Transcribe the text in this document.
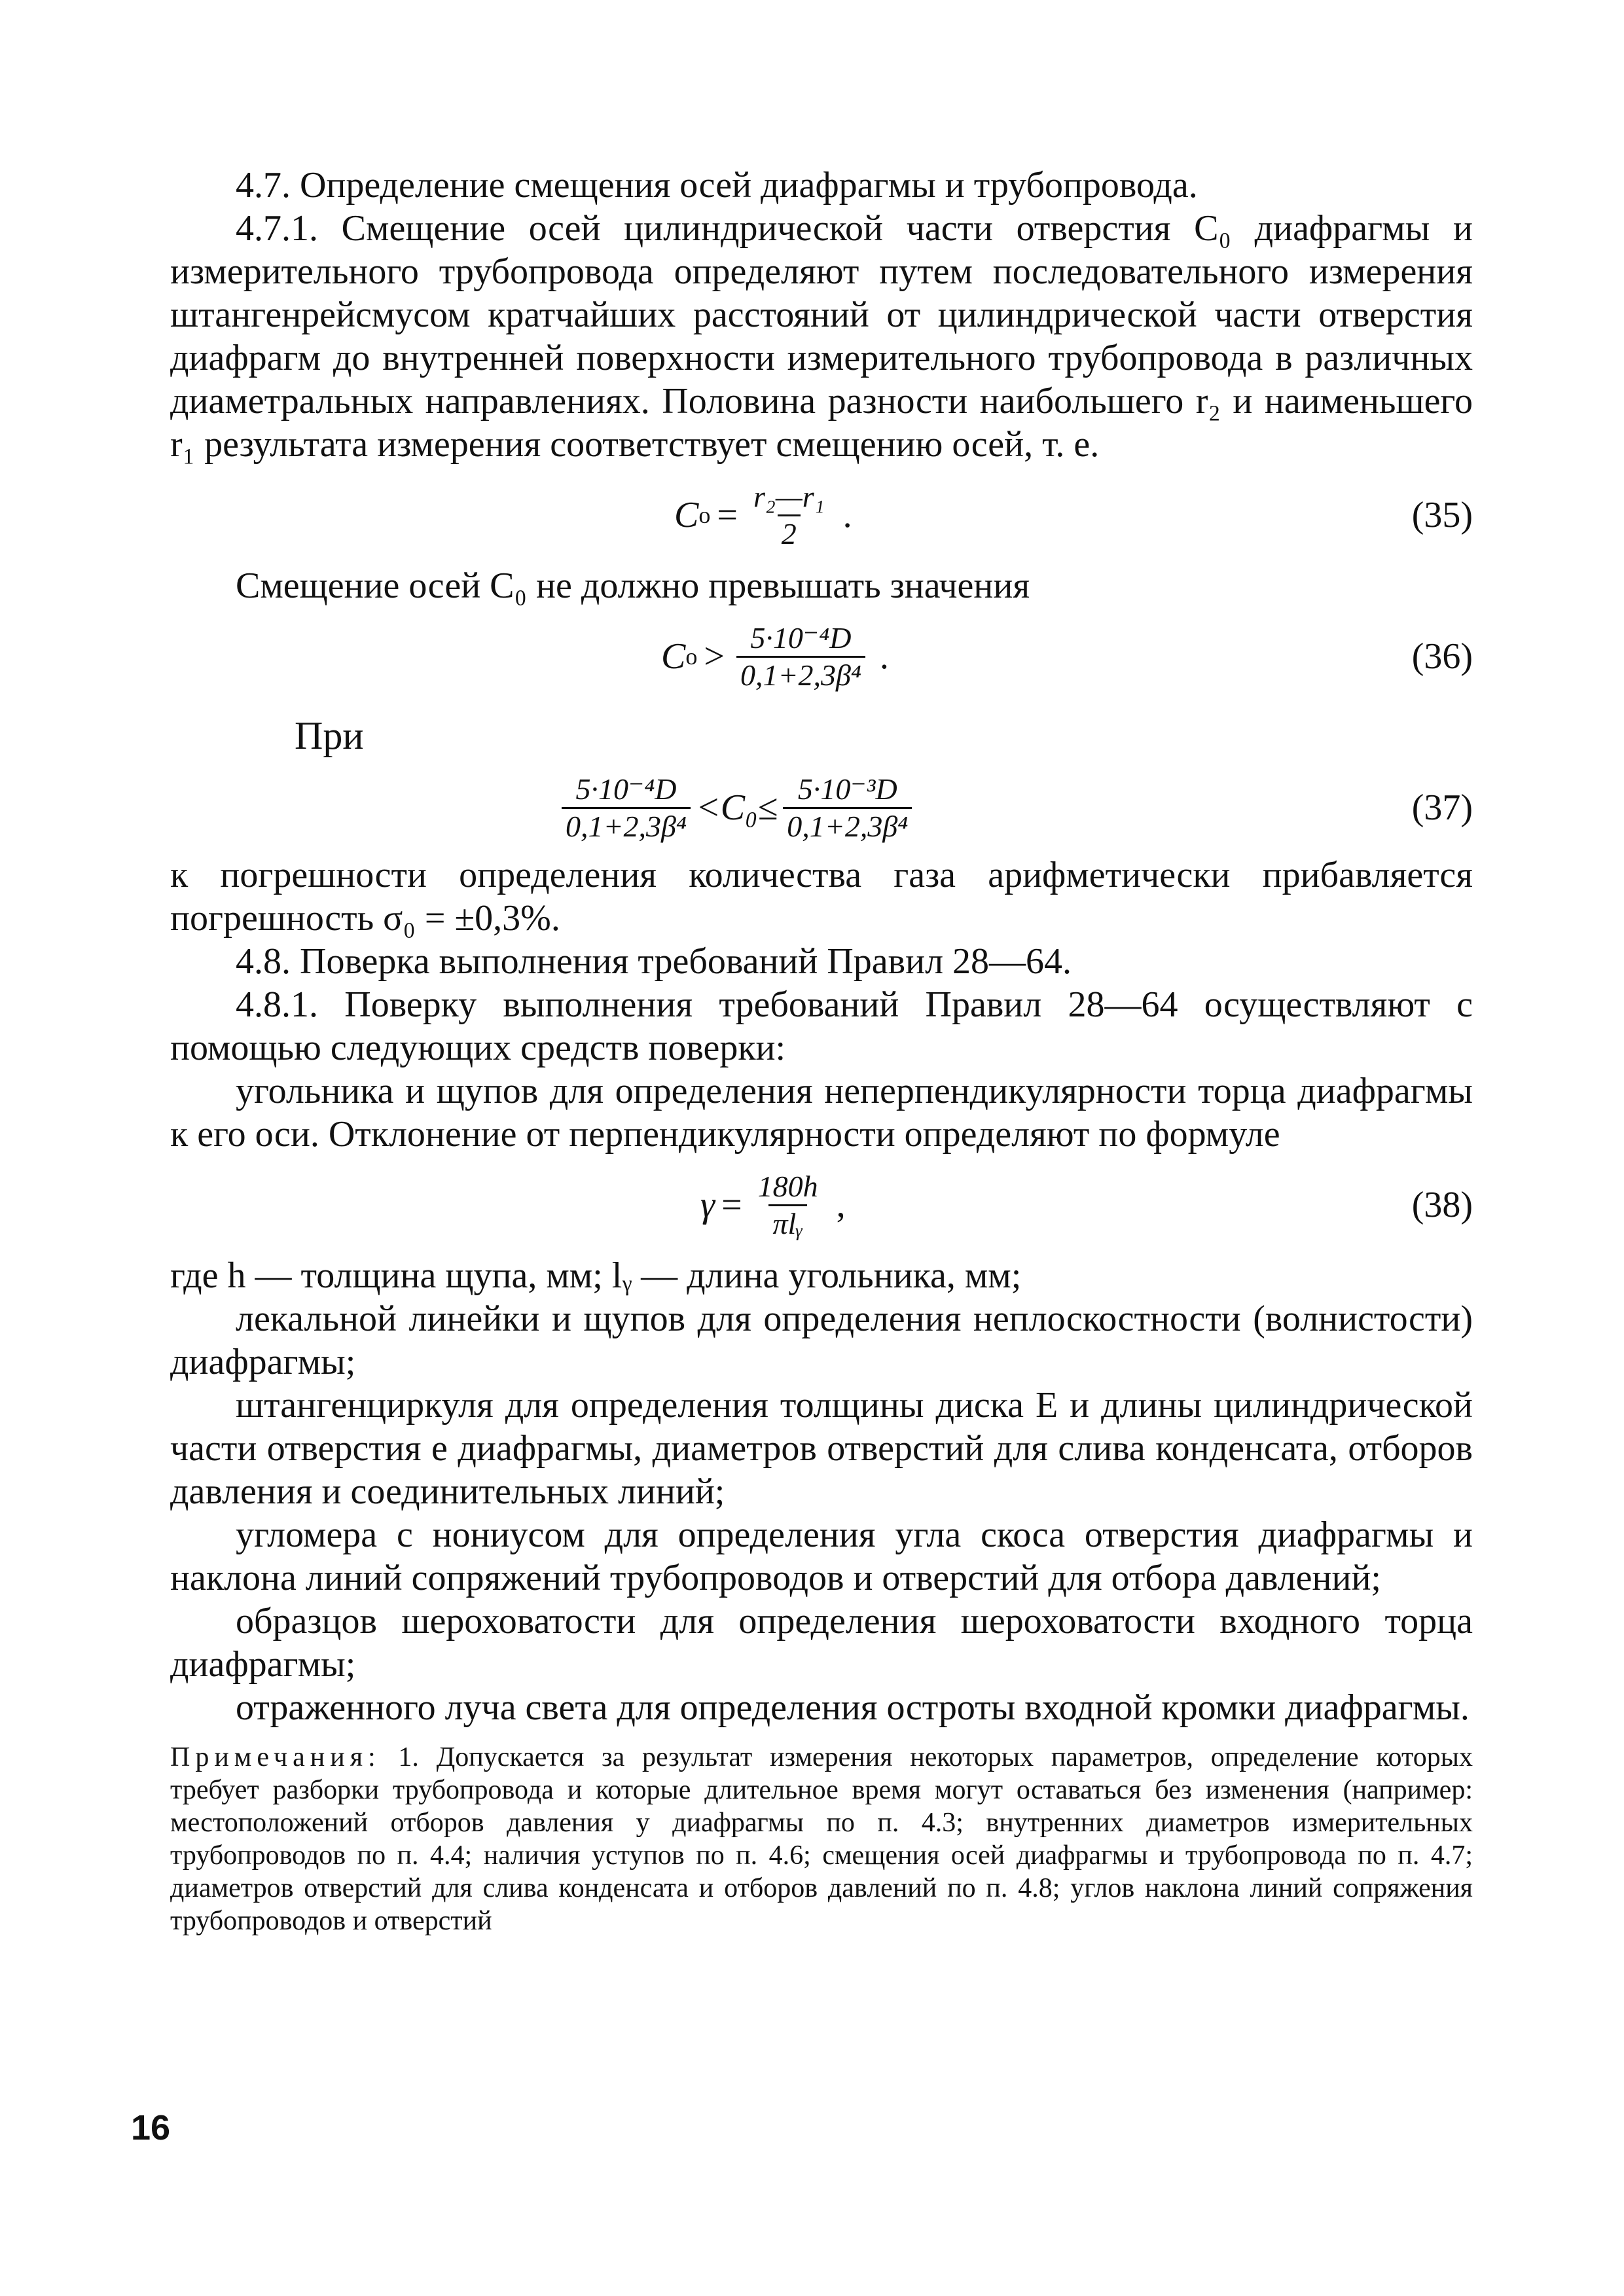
4.7. Определение смещения осей диафрагмы и трубопровода.

4.7.1. Смещение осей цилиндрической части отверстия C₀ диафрагмы и измерительного трубопровода определяют путем последовательного измерения штангенрейсмусом кратчайших расстояний от цилиндрической части отверстия диафрагм до внутренней поверхности измерительного трубопровода в различных диаметральных направлениях. Половина разности наибольшего r₂ и наименьшего r₁ результата измерения соответствует смещению осей, т. е.

C $o = \frac{\text{r₂—r₁}}{2}$ .	(35)

Смещение осей C₀ не должно превышать значения

C $o > \frac{\text{5·10⁻⁴D}}{\text{0,1+2,3β⁴}}$ .	(36)

При

$\frac{\text{5·10⁻⁴D}}{\text{0,1+2,3β⁴}} <C_0\le \frac{\text{5·10⁻³D}}{\text{0,1+2,3β⁴}}$	(37)

к погрешности определения количества газа арифметически прибавляется погрешность σ₀ = ±0,3%.

4.8. Поверка выполнения требований Правил 28—64.

4.8.1. Поверку выполнения требований Правил 28—64 осуществляют с помощью следующих средств поверки:

угольника и щупов для определения неперпендикулярности торца диафрагмы к его оси. Отклонение от перпендикулярности определяют по формуле

$\gamma = \frac{180h}{\text{πlᵧ}}$ ,	(38)

где h — толщина щупа, мм; lᵧ — длина угольника, мм;

лекальной линейки и щупов для определения неплоскостности (волнистости) диафрагмы;

штангенциркуля для определения толщины диска E и длины цилиндрической части отверстия e диафрагмы, диаметров отверстий для слива конденсата, отборов давления и соединительных линий;

угломера с нониусом для определения угла скоса отверстия диафрагмы и наклона линий сопряжений трубопроводов и отверстий для отбора давлений;

образцов шероховатости для определения шероховатости входного торца диафрагмы;

отраженного луча света для определения остроты входной кромки диафрагмы.

Примечания: 1. Допускается за результат измерения некоторых параметров, определение которых требует разборки трубопровода и которые длительное время могут оставаться без изменения (например: местоположений отборов давления у диафрагмы по п. 4.3; внутренних диаметров измерительных трубопроводов по п. 4.4; наличия уступов по п. 4.6; смещения осей диафрагмы и трубопровода по п. 4.7; диаметров отверстий для слива конденсата и отборов давлений по п. 4.8; углов наклона линий сопряжения трубопроводов и отверстий

16
